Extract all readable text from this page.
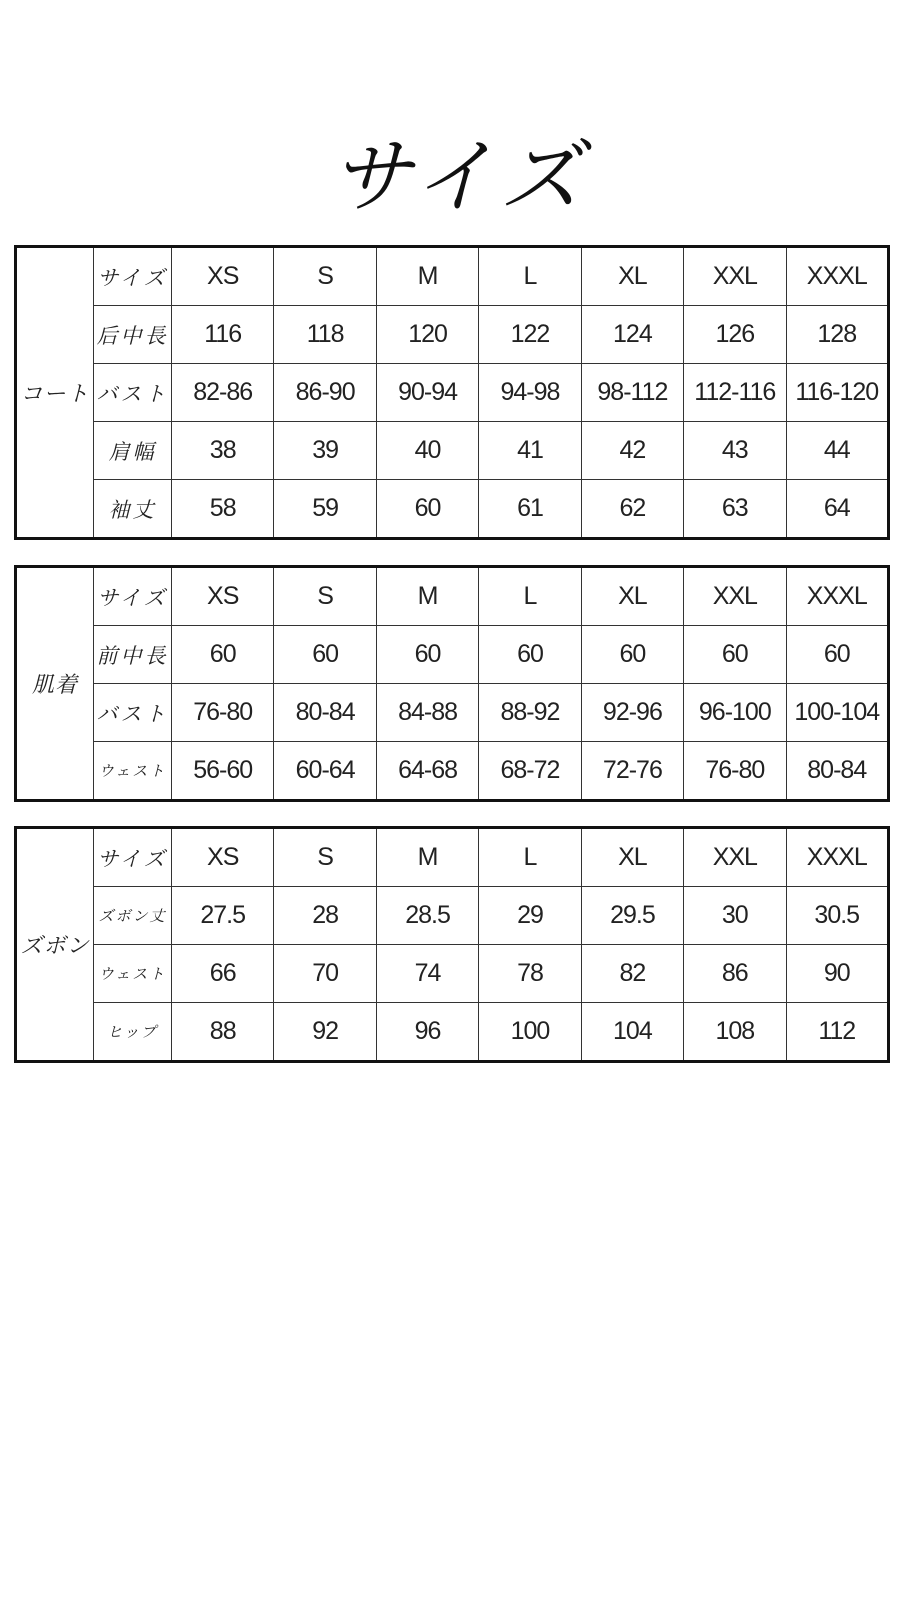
サイズ
コート	サイズ	XS	S	M	L	XL	XXL	XXXL
	后中長	116	118	120	122	124	126	128
	バスト	82-86	86-90	90-94	94-98	98-112	112-116	116-120
	肩幅	38	39	40	41	42	43	44
	袖丈	58	59	60	61	62	63	64
肌着	サイズ	XS	S	M	L	XL	XXL	XXXL
	前中長	60	60	60	60	60	60	60
	バスト	76-80	80-84	84-88	88-92	92-96	96-100	100-104
	ウェスト	56-60	60-64	64-68	68-72	72-76	76-80	80-84
ズボン	サイズ	XS	S	M	L	XL	XXL	XXXL
	ズボン丈	27.5	28	28.5	29	29.5	30	30.5
	ウェスト	66	70	74	78	82	86	90
	ヒップ	88	92	96	100	104	108	112
